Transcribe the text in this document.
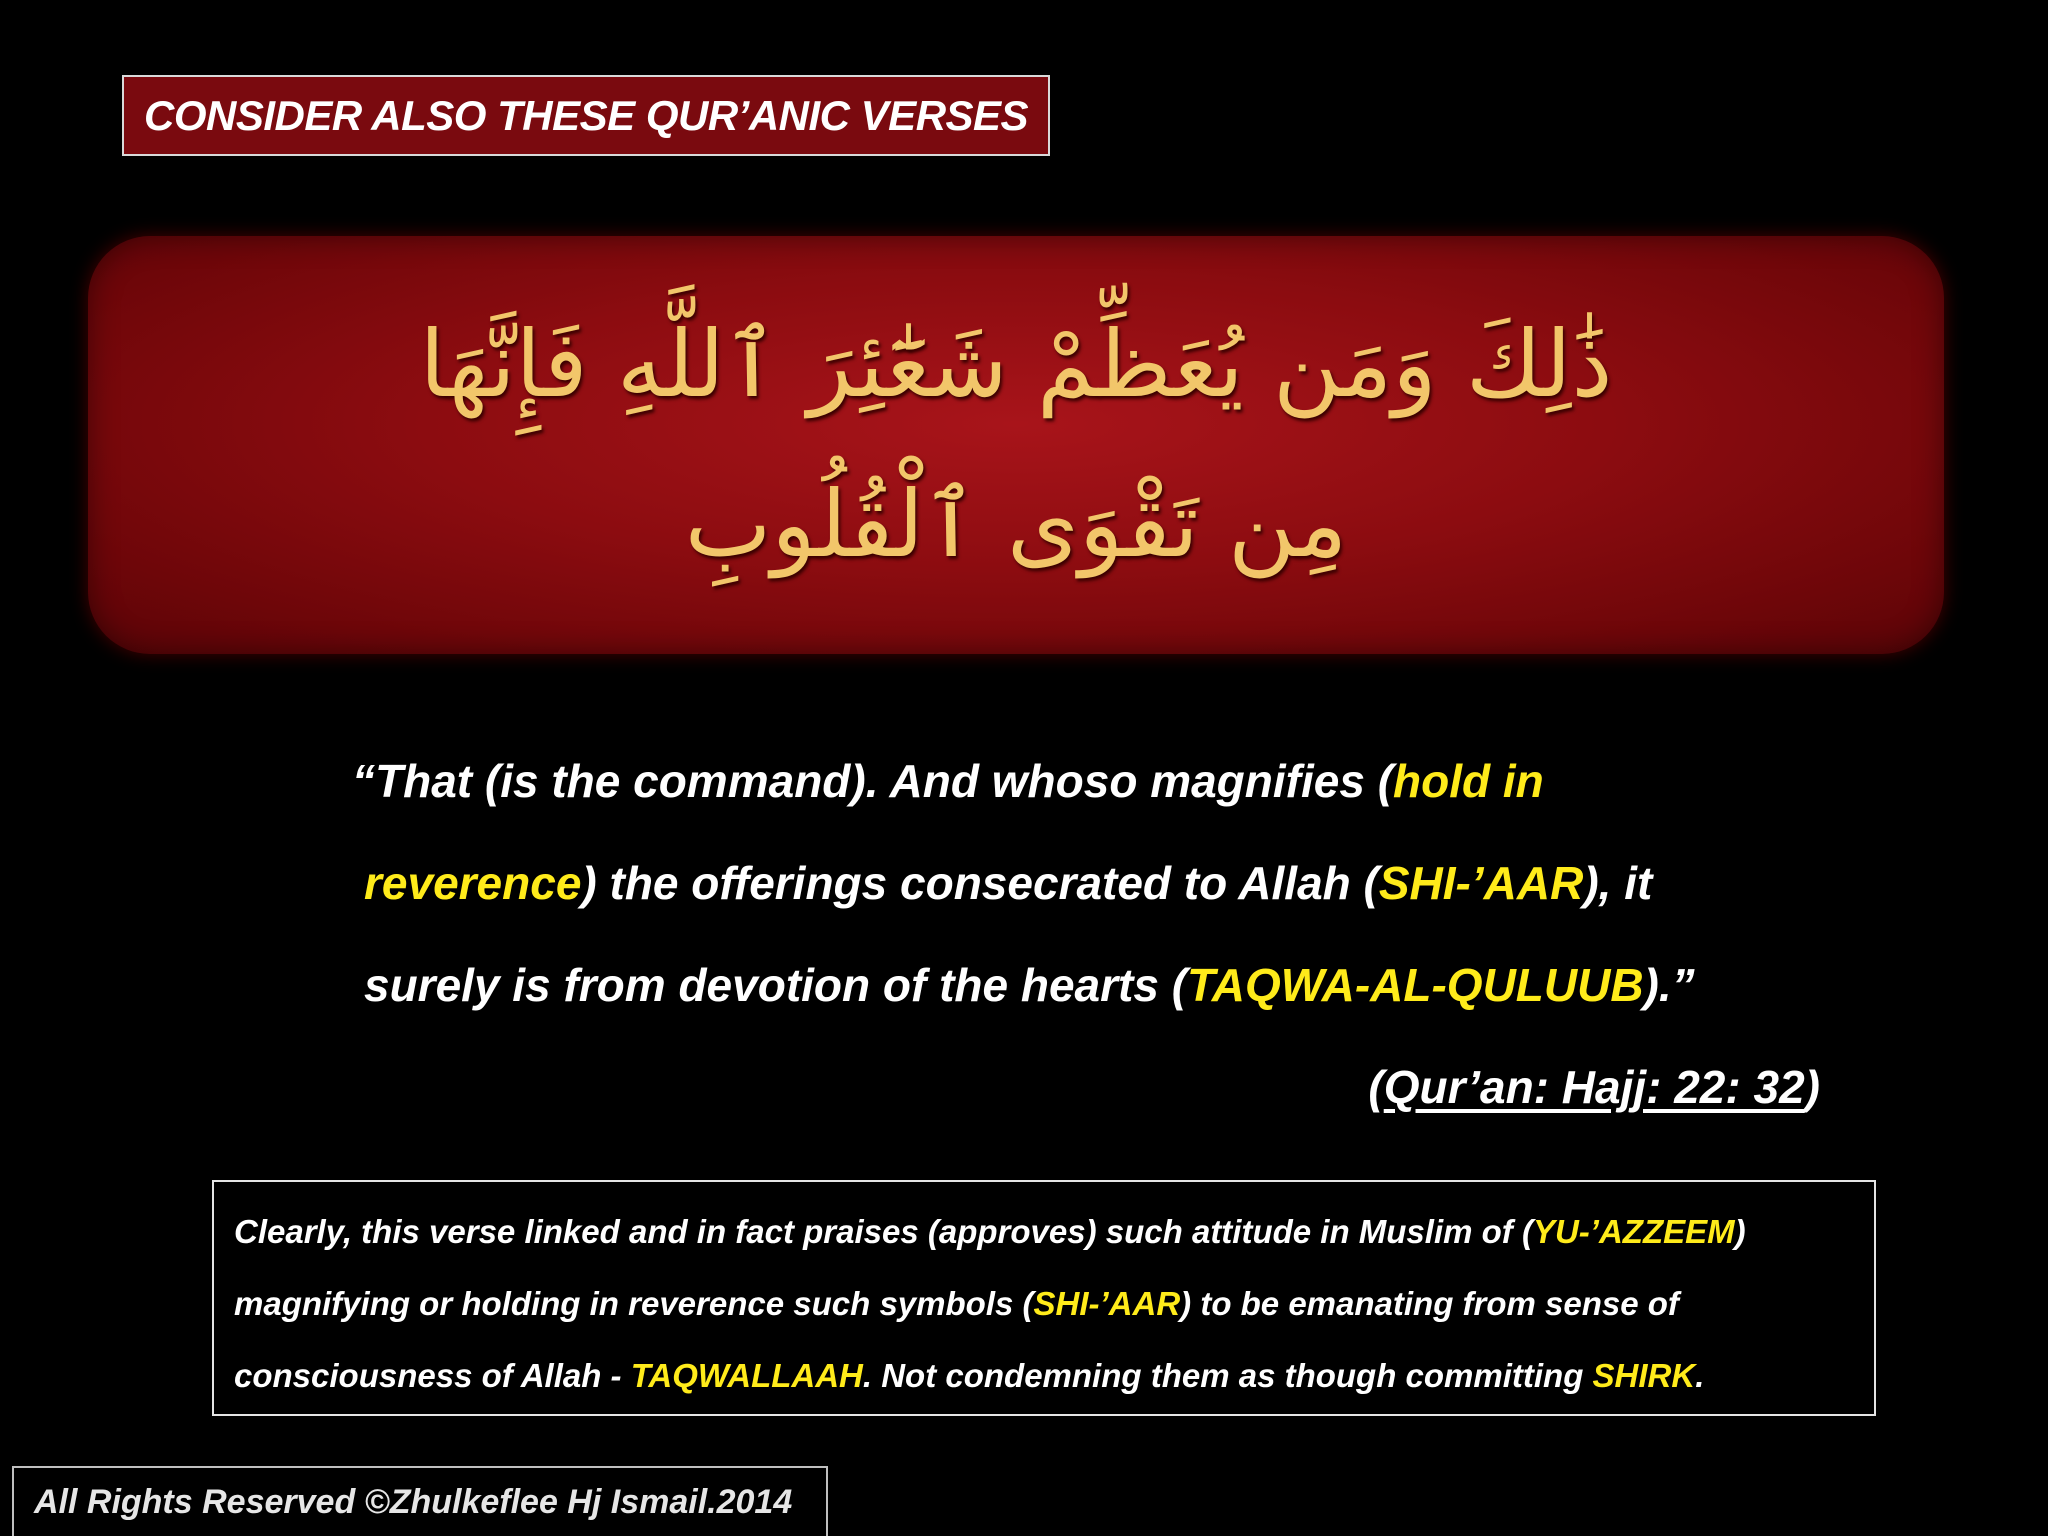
CONSIDER ALSO THESE QUR’ANIC VERSES
ذَٰلِكَ وَمَن يُعَظِّمْ شَعَٰٓئِرَ ٱللَّهِ فَإِنَّهَا
مِن تَقْوَى ٱلْقُلُوبِ
“That (is the command). And whoso magnifies (hold in
reverence) the offerings consecrated to Allah (SHI-’AAR), it
surely is from devotion of the hearts (TAQWA-AL-QULUUB).”
(Qur’an: Hajj: 22: 32)
Clearly, this verse linked and in fact praises (approves) such attitude in Muslim of (YU-’AZZEEM)
magnifying or holding in reverence such symbols (SHI-’AAR) to be emanating from sense of
consciousness of Allah - TAQWALLAAH. Not condemning them as though committing SHIRK.
All Rights Reserved ©Zhulkeflee Hj Ismail.2014
